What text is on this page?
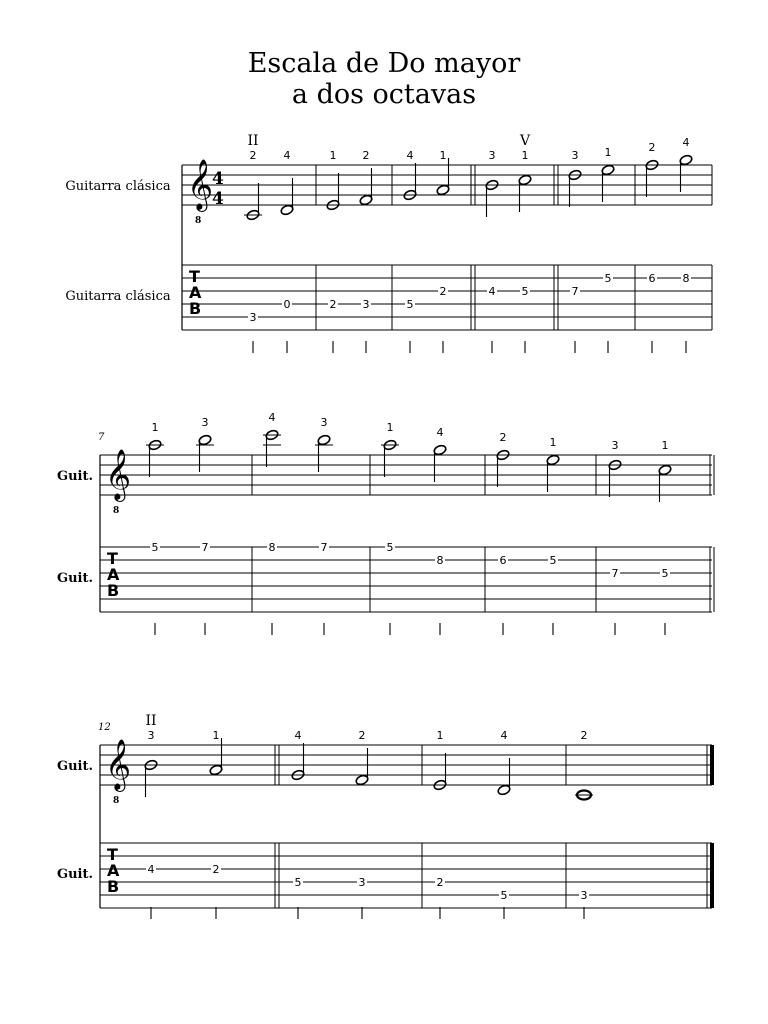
Escala de Do mayor
a dos octavas
Guitarra clásica
Guitarra clásica
𝄞
8
4
4
T
A
B
2
3
4
0
1
2
2
3
4
5
1
2
3
4
1
5
3
7
1
5
2
6
4
8
II	V
Guit.
Guit.
7
𝄞
8
T
A
B
1
5
3
7
4
8
3
7
1
5
4
8
2
6
1
5
3
7
1
5
Guit.
Guit.
12
𝄞
8
T
A
B
3
4
1
2
4
5
2
3
1
2
4
5
2
3
II
